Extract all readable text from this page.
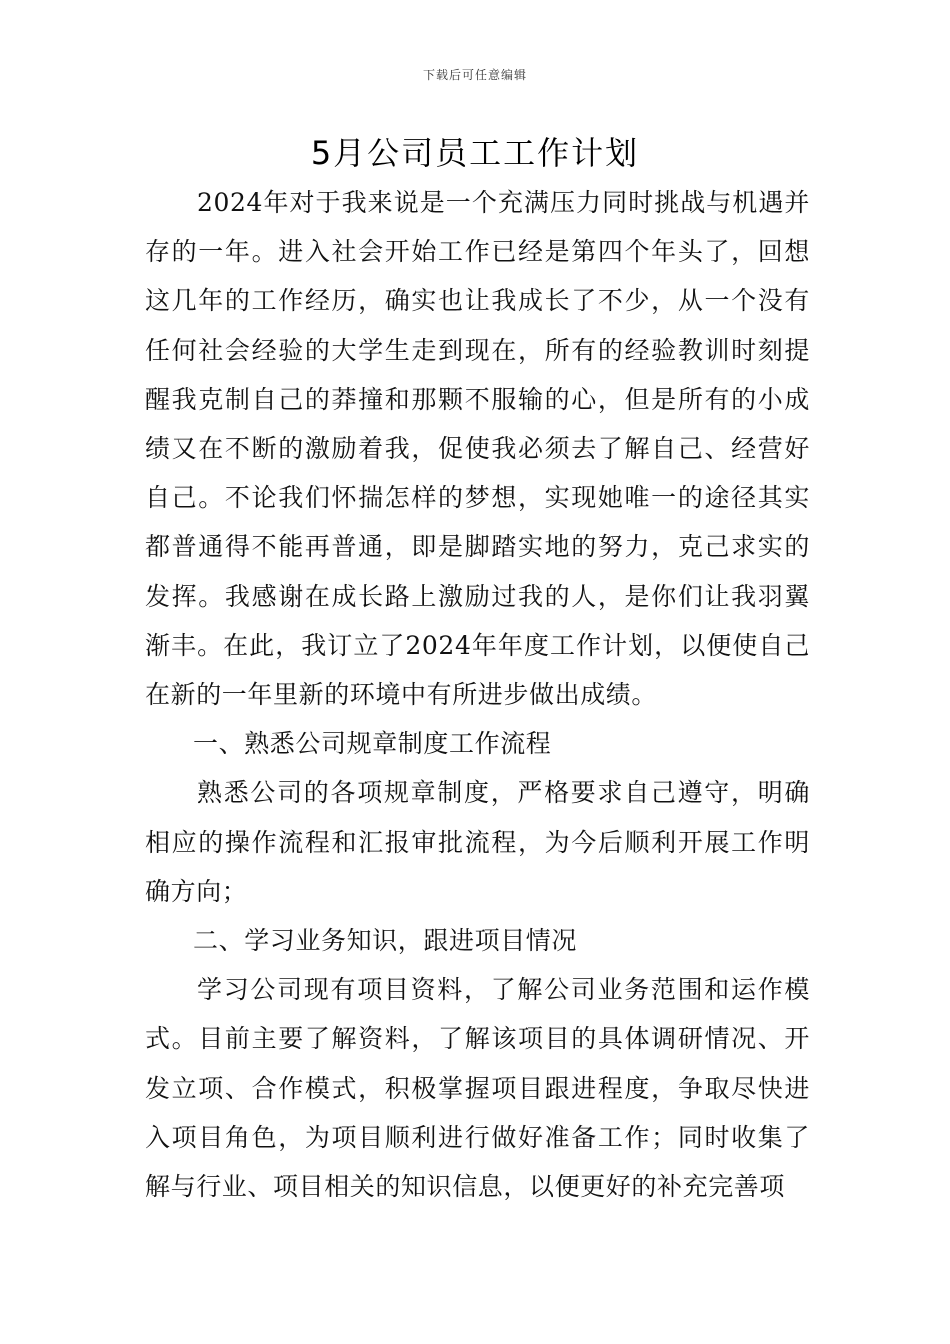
下载后可任意编辑
5月公司员工工作计划

2024年对于我来说是一个充满压力同时挑战与机遇并存的一年。进入社会开始工作已经是第四个年头了，回想这几年的工作经历，确实也让我成长了不少，从一个没有任何社会经验的大学生走到现在，所有的经验教训时刻提醒我克制自己的莽撞和那颗不服输的心，但是所有的小成绩又在不断的激励着我，促使我必须去了解自己、经营好自己。不论我们怀揣怎样的梦想，实现她唯一的途径其实都普通得不能再普通，即是脚踏实地的努力，克己求实的发挥。我感谢在成长路上激励过我的人，是你们让我羽翼渐丰。在此，我订立了2024年年度工作计划，以便使自己在新的一年里新的环境中有所进步做出成绩。

一、熟悉公司规章制度工作流程

熟悉公司的各项规章制度，严格要求自己遵守，明确相应的操作流程和汇报审批流程，为今后顺利开展工作明确方向；

二、学习业务知识，跟进项目情况

学习公司现有项目资料，了解公司业务范围和运作模式。目前主要了解资料，了解该项目的具体调研情况、开发立项、合作模式，积极掌握项目跟进程度，争取尽快进入项目角色，为项目顺利进行做好准备工作；同时收集了解与行业、项目相关的知识信息，以便更好的补充完善项
